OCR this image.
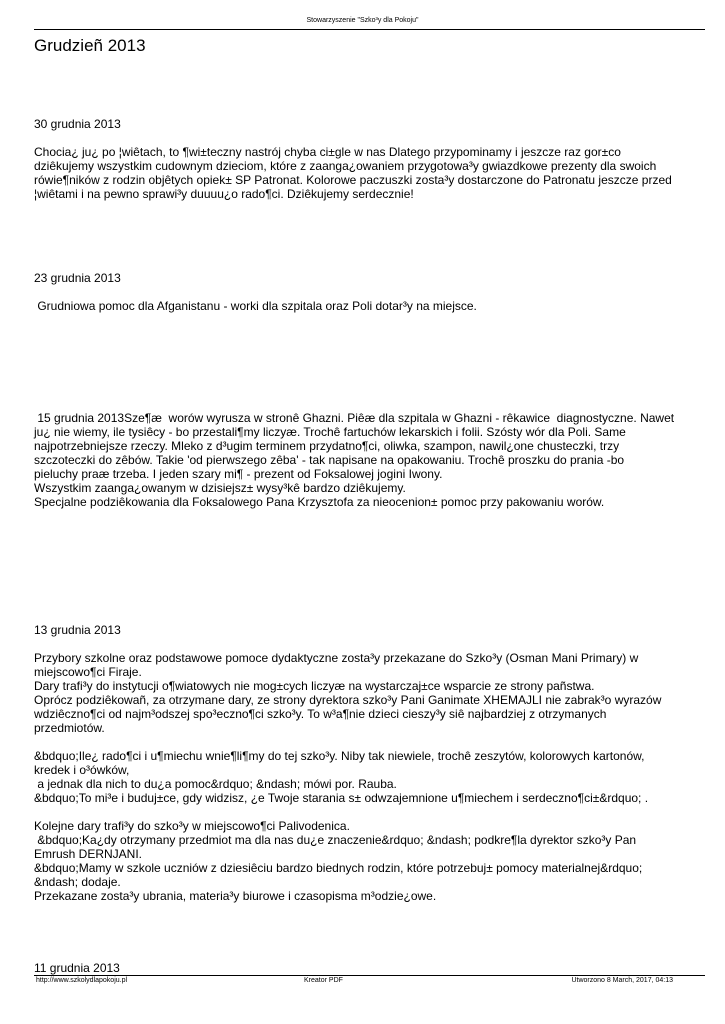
Stowarzyszenie "Szko³y dla Pokoju"
Grudzieñ 2013
30 grudnia 2013
Chocia¿ ju¿ po ¦wiêtach, to ¶wi±teczny nastrój chyba ci±gle w nas Dlatego przypominamy i jeszcze raz gor±co
dziêkujemy wszystkim cudownym dzieciom, które z zaanga¿owaniem przygotowa³y gwiazdkowe prezenty dla swoich
rówie¶ników z rodzin objêtych opiek± SP Patronat. Kolorowe paczuszki zosta³y dostarczone do Patronatu jeszcze przed
¦wiêtami i na pewno sprawi³y duuuu¿o rado¶ci. Dziêkujemy serdecznie!
23 grudnia 2013
Grudniowa pomoc dla Afganistanu - worki dla szpitala oraz Poli dotar³y na miejsce.
15 grudnia 2013Sze¶æ  worów wyrusza w stronê Ghazni. Piêæ dla szpitala w Ghazni - rêkawice  diagnostyczne. Nawet
ju¿ nie wiemy, ile tysiêcy - bo przestali¶my liczyæ. Trochê fartuchów lekarskich i folii. Szósty wór dla Poli. Same
najpotrzebniejsze rzeczy. Mleko z d³ugim terminem przydatno¶ci, oliwka, szampon, nawil¿one chusteczki, trzy
szczoteczki do zêbów. Takie 'od pierwszego zêba' - tak napisane na opakowaniu. Trochê proszku do prania -bo
pieluchy praæ trzeba. I jeden szary mi¶ - prezent od Foksalowej jogini Iwony.
Wszystkim zaanga¿owanym w dzisiejsz± wysy³kê bardzo dziêkujemy.
Specjalne podziêkowania dla Foksalowego Pana Krzysztofa za nieocenion± pomoc przy pakowaniu worów.
13 grudnia 2013
Przybory szkolne oraz podstawowe pomoce dydaktyczne zosta³y przekazane do Szko³y (Osman Mani Primary) w
miejscowo¶ci Firaje.
Dary trafi³y do instytucji o¶wiatowych nie mog±cych liczyæ na wystarczaj±ce wsparcie ze strony pañstwa.
Oprócz podziêkowañ, za otrzymane dary, ze strony dyrektora szko³y Pani Ganimate XHEMAJLI nie zabrak³o wyrazów
wdziêczno¶ci od najm³odszej spo³eczno¶ci szko³y. To w³a¶nie dzieci cieszy³y siê najbardziej z otrzymanych
przedmiotów.
&bdquo;Ile¿ rado¶ci i u¶miechu wnie¶li¶my do tej szko³y. Niby tak niewiele, trochê zeszytów, kolorowych kartonów,
kredek i o³ówków,
a jednak dla nich to du¿a pomoc&rdquo; &ndash; mówi por. Rauba.
&bdquo;To mi³e i buduj±ce, gdy widzisz, ¿e Twoje starania s± odwzajemnione u¶miechem i serdeczno¶ci±&rdquo; .
Kolejne dary trafi³y do szko³y w miejscowo¶ci Palivodenica.
&bdquo;Ka¿dy otrzymany przedmiot ma dla nas du¿e znaczenie&rdquo; &ndash; podkre¶la dyrektor szko³y Pan
Emrush DERNJANI.
&bdquo;Mamy w szkole uczniów z dziesiêciu bardzo biednych rodzin, które potrzebuj± pomocy materialnej&rdquo;
&ndash; dodaje.
Przekazane zosta³y ubrania, materia³y biurowe i czasopisma m³odzie¿owe.
11 grudnia 2013
http://www.szkolydlapokoju.pl	Kreator PDF	Utworzono 8 March, 2017, 04:13
